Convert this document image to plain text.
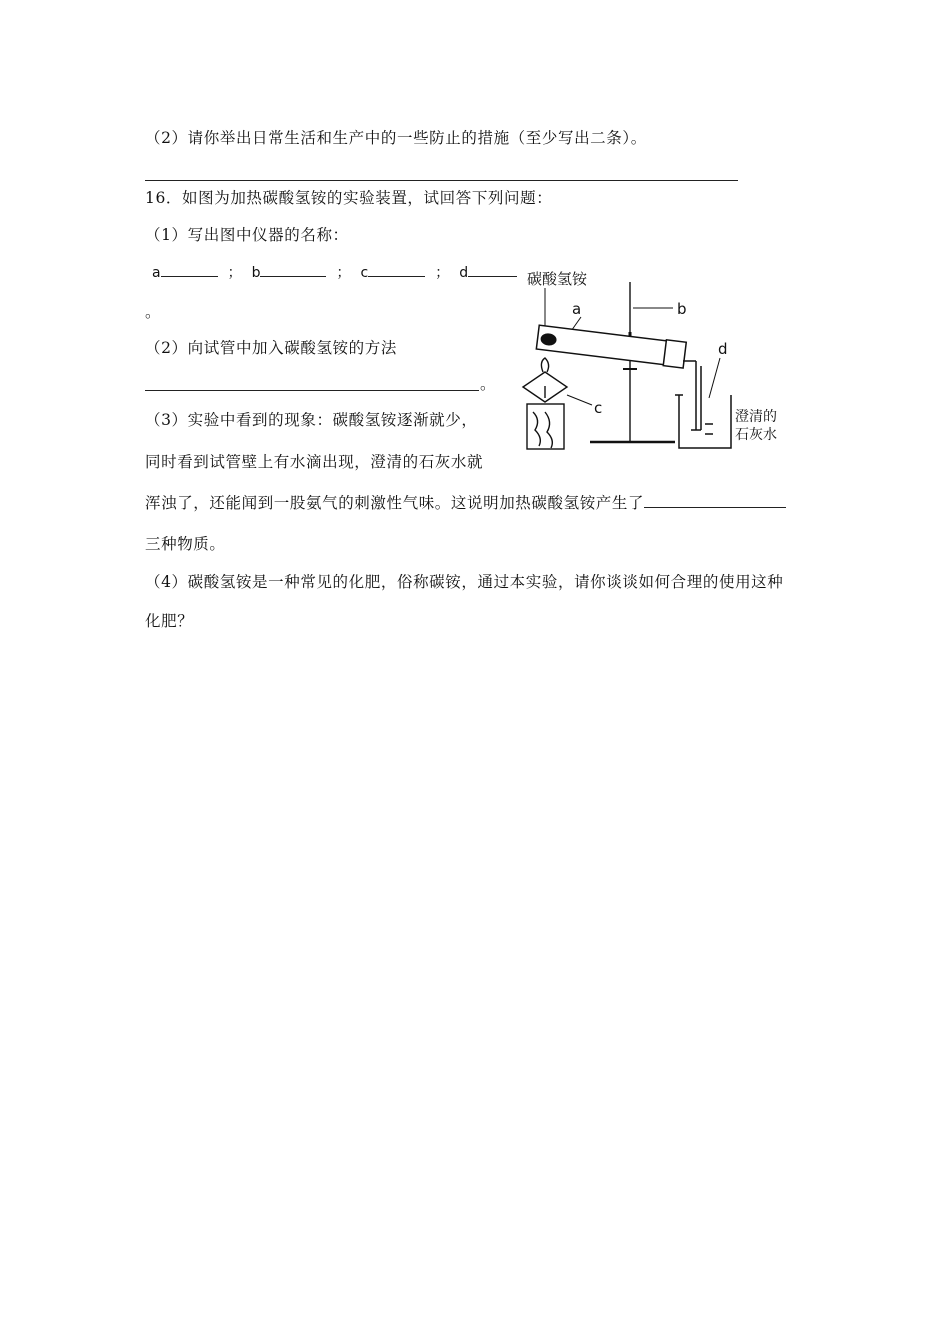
（2）请你举出日常生活和生产中的一些防止的措施（至少写出二条）。
16．如图为加热碳酸氢铵的实验装置，试回答下列问题：
（1）写出图中仪器的名称：
a	； b	； c	； d
。
（2）向试管中加入碳酸氢铵的方法
。
（3）实验中看到的现象：碳酸氢铵逐渐就少，
同时看到试管壁上有水滴出现，澄清的石灰水就
浑浊了，还能闻到一股氨气的刺激性气味。这说明加热碳酸氢铵产生了
三种物质。
（4）碳酸氢铵是一种常见的化肥，俗称碳铵，通过本实验，请你谈谈如何合理的使用这种
化肥？
碳酸氢铵
a	b
c
d
澄清的
石灰水
